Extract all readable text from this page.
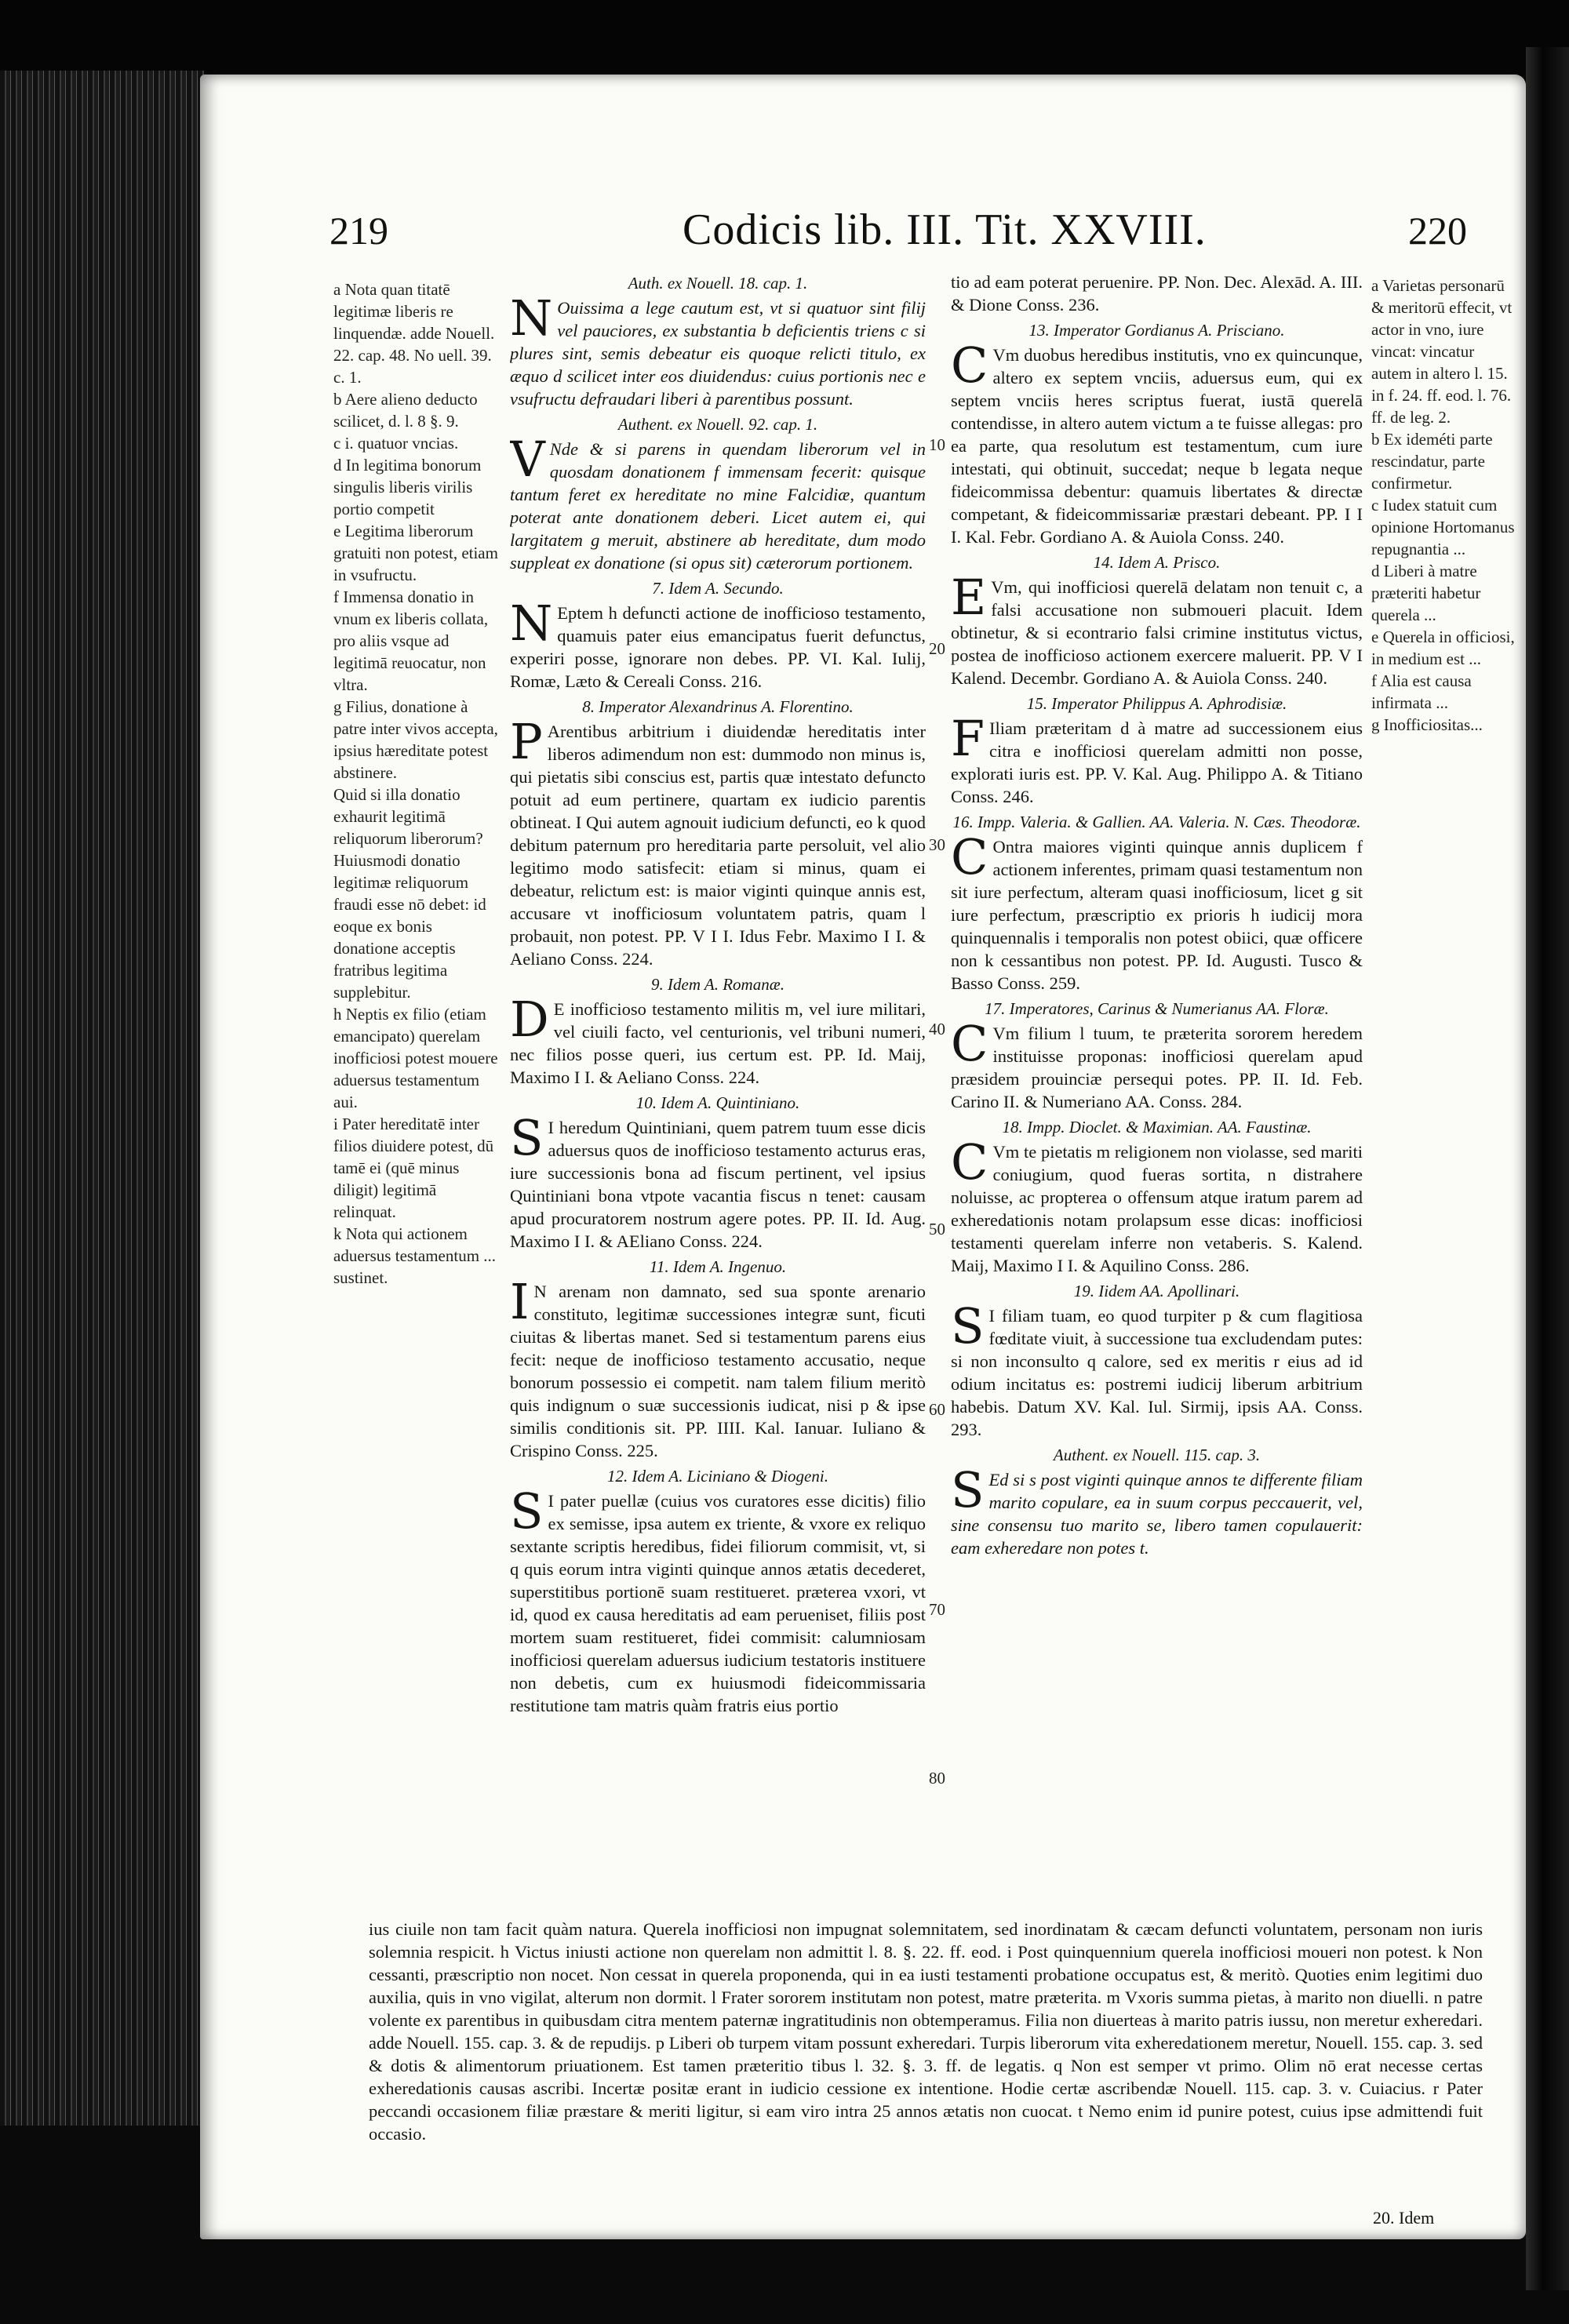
219	Codicis lib. III. Tit. XXVIII.	220
a Nota quan titatē legitimæ liberis re linquendæ. adde Nouell. 22. cap. 48. No uell. 39. c. 1.
b Aere alieno deducto scilicet, d. l. 8 §. 9.
c i. quatuor vncias.
d In legitima bonorum singulis liberis virilis portio competit
e Legitima liberorum gratuiti non potest, etiam in vsufructu.
f Immensa donatio in vnum ex liberis collata, pro aliis vsque ad legitimā reuocatur, non vltra.
g Filius, donatione à patre inter vivos accepta, ipsius hæreditate potest abstinere.
Quid si illa donatio exhaurit legitimā reliquorum liberorum? Huiusmodi donatio legitimæ reliquorum fraudi esse nō debet: id eoque ex bonis donatione acceptis fratribus legitima supplebitur.
h Neptis ex filio (etiam emancipato) querelam inofficiosi potest mouere aduersus testamentum aui.
i Pater hereditatē inter filios diuidere potest, dū tamē ei (quē minus diligit) legitimā relinquat.
k Nota qui actionem aduersus testamentum ... sustinet.
a Varietas personarū & meritorū effecit, vt actor in vno, iure vincat: vincatur autem in altero l. 15. in f. 24. ff. eod. l. 76. ff. de leg. 2.
b Ex ideméti parte rescindatur, parte confirmetur.
c Iudex statuit cum opinione Hortomanus repugnantia ...
d Liberi à matre præteriti habetur querela ...
e Querela in officiosi, in medium est ...
f Alia est causa infirmata ...
g Inofficiositas...
Auth. ex Nouell. 18. cap. 1.

N Ouissima a lege cautum est, vt si quatuor sint filij vel pauciores, ex substantia b deficientis triens c si plures sint, semis debeatur eis quoque relicti titulo, ex æquo d scilicet inter eos diuidendus: cuius portionis nec e vsufructu defraudari liberi à parentibus possunt.

Authent. ex Nouell. 92. cap. 1.

V Nde & si parens in quendam liberorum vel in quosdam donationem f immensam fecerit: quisque tantum feret ex hereditate no mine Falcidiæ, quantum poterat ante donationem deberi. Licet autem ei, qui largitatem g meruit, abstinere ab hereditate, dum modo suppleat ex donatione (si opus sit) cæterorum portionem.

7. Idem A. Secundo.

N Eptem h defuncti actione de inofficioso testamento, quamuis pater eius emancipatus fuerit defunctus, experiri posse, ignorare non debes. PP. VI. Kal. Iulij, Romæ, Læto & Cereali Conss. 216.

8. Imperator Alexandrinus A. Florentino.

P Arentibus arbitrium i diuidendæ hereditatis inter liberos adimendum non est: dummodo non minus is, qui pietatis sibi conscius est, partis quæ intestato defuncto potuit ad eum pertinere, quartam ex iudicio parentis obtineat. I Qui autem agnouit iudicium defuncti, eo k quod debitum paternum pro hereditaria parte persoluit, vel alio legitimo modo satisfecit: etiam si minus, quam ei debeatur, relictum est: is maior viginti quinque annis est, accusare vt inofficiosum voluntatem patris, quam l probauit, non potest. PP. V I I. Idus Febr. Maximo I I. & Aeliano Conss. 224.

9. Idem A. Romanæ.

D E inofficioso testamento militis m, vel iure militari, vel ciuili facto, vel centurionis, vel tribuni numeri, nec filios posse queri, ius certum est. PP. Id. Maij, Maximo I I. & Aeliano Conss. 224.

10. Idem A. Quintiniano.

S I heredum Quintiniani, quem patrem tuum esse dicis aduersus quos de inofficioso testamento acturus eras, iure successionis bona ad fiscum pertinent, vel ipsius Quintiniani bona vtpote vacantia fiscus n tenet: causam apud procuratorem nostrum agere potes. PP. II. Id. Aug. Maximo I I. & AEliano Conss. 224.

11. Idem A. Ingenuo.

I N arenam non damnato, sed sua sponte arenario constituto, legitimæ successiones integræ sunt, ficuti ciuitas & libertas manet. Sed si testamentum parens eius fecit: neque de inofficioso testamento accusatio, neque bonorum possessio ei competit. nam talem filium meritò quis indignum o suæ successionis iudicat, nisi p & ipse similis conditionis sit. PP. IIII. Kal. Ianuar. Iuliano & Crispino Conss. 225.

12. Idem A. Liciniano & Diogeni.

S I pater puellæ (cuius vos curatores esse dicitis) filio ex semisse, ipsa autem ex triente, & vxore ex reliquo sextante scriptis heredibus, fidei filiorum commisit, vt, si q quis eorum intra viginti quinque annos ætatis decederet, superstitibus portionē suam restitueret. præterea vxori, vt id, quod ex causa hereditatis ad eam perueniset, filiis post mortem suam restitueret, fidei commisit: calumniosam inofficiosi querelam aduersus iudicium testatoris instituere non debetis, cum ex huiusmodi fideicommissaria restitutione tam matris quàm fratris eius portio

tio ad eam poterat peruenire. PP. Non. Dec. Alexād. A. III. & Dione Conss. 236.

13. Imperator Gordianus A. Prisciano.

C Vm duobus heredibus institutis, vno ex quincunque, altero ex septem vnciis, aduersus eum, qui ex septem vnciis heres scriptus fuerat, iustā querelā contendisse, in altero autem victum a te fuisse allegas: pro ea parte, qua resolutum est testamentum, cum iure intestati, qui obtinuit, succedat; neque b legata neque fideicommissa debentur: quamuis libertates & directæ competant, & fideicommissariæ præstari debeant. PP. I I I. Kal. Febr. Gordiano A. & Auiola Conss. 240.

14. Idem A. Prisco.

E Vm, qui inofficiosi querelā delatam non tenuit c, a falsi accusatione non submoueri placuit. Idem obtinetur, & si econtrario falsi crimine institutus victus, postea de inofficioso actionem exercere maluerit. PP. V I Kalend. Decembr. Gordiano A. & Auiola Conss. 240.

15. Imperator Philippus A. Aphrodisiæ.

F Iliam præteritam d à matre ad successionem eius citra e inofficiosi querelam admitti non posse, explorati iuris est. PP. V. Kal. Aug. Philippo A. & Titiano Conss. 246.

16. Impp. Valeria. & Gallien. AA. Valeria. N. Cæs. Theodoræ.

C Ontra maiores viginti quinque annis duplicem f actionem inferentes, primam quasi testamentum non sit iure perfectum, alteram quasi inofficiosum, licet g sit iure perfectum, præscriptio ex prioris h iudicij mora quinquennalis i temporalis non potest obiici, quæ officere non k cessantibus non potest. PP. Id. Augusti. Tusco & Basso Conss. 259.

17. Imperatores, Carinus & Numerianus AA. Floræ.

C Vm filium l tuum, te præterita sororem heredem instituisse proponas: inofficiosi querelam apud præsidem prouinciæ persequi potes. PP. II. Id. Feb. Carino II. & Numeriano AA. Conss. 284.

18. Impp. Dioclet. & Maximian. AA. Faustinæ.

C Vm te pietatis m religionem non violasse, sed mariti coniugium, quod fueras sortita, n distrahere noluisse, ac propterea o offensum atque iratum parem ad exheredationis notam prolapsum esse dicas: inofficiosi testamenti querelam inferre non vetaberis. S. Kalend. Maij, Maximo I I. & Aquilino Conss. 286.

19. Iidem AA. Apollinari.

S I filiam tuam, eo quod turpiter p & cum flagitiosa fœditate viuit, à successione tua excludendam putes: si non inconsulto q calore, sed ex meritis r eius ad id odium incitatus es: postremi iudicij liberum arbitrium habebis. Datum XV. Kal. Iul. Sirmij, ipsis AA. Conss. 293.

Authent. ex Nouell. 115. cap. 3.

S Ed si s post viginti quinque annos te differente filiam marito copulare, ea in suum corpus peccauerit, vel, sine consensu tuo marito se, libero tamen copulauerit: eam exheredare non potes t.

10
20
30
40
50
60
70
80
ius ciuile non tam facit quàm natura. Querela inofficiosi non impugnat solemnitatem, sed inordinatam & cæcam defuncti voluntatem, personam non iuris solemnia respicit. h Victus iniusti actione non querelam non admittit l. 8. §. 22. ff. eod. i Post quinquennium querela inofficiosi moueri non potest. k Non cessanti, præscriptio non nocet. Non cessat in querela proponenda, qui in ea iusti testamenti probatione occupatus est, & meritò. Quoties enim legitimi duo auxilia, quis in vno vigilat, alterum non dormit. l Frater sororem institutam non potest, matre præterita. m Vxoris summa pietas, à marito non diuelli. n patre volente ex parentibus in quibusdam citra mentem paternæ ingratitudinis non obtemperamus. Filia non diuerteas à marito patris iussu, non meretur exheredari. adde Nouell. 155. cap. 3. & de repudijs. p Liberi ob turpem vitam possunt exheredari. Turpis liberorum vita exheredationem meretur, Nouell. 155. cap. 3. sed & dotis & alimentorum priuationem. Est tamen præteritio tibus l. 32. §. 3. ff. de legatis. q Non est semper vt primo. Olim nō erat necesse certas exheredationis causas ascribi. Incertæ positæ erant in iudicio cessione ex intentione. Hodie certæ ascribendæ Nouell. 115. cap. 3. v. Cuiacius. r Pater peccandi occasionem filiæ præstare & meriti ligitur, si eam viro intra 25 annos ætatis non cuocat. t Nemo enim id punire potest, cuius ipse admittendi fuit occasio.
20. Idem
